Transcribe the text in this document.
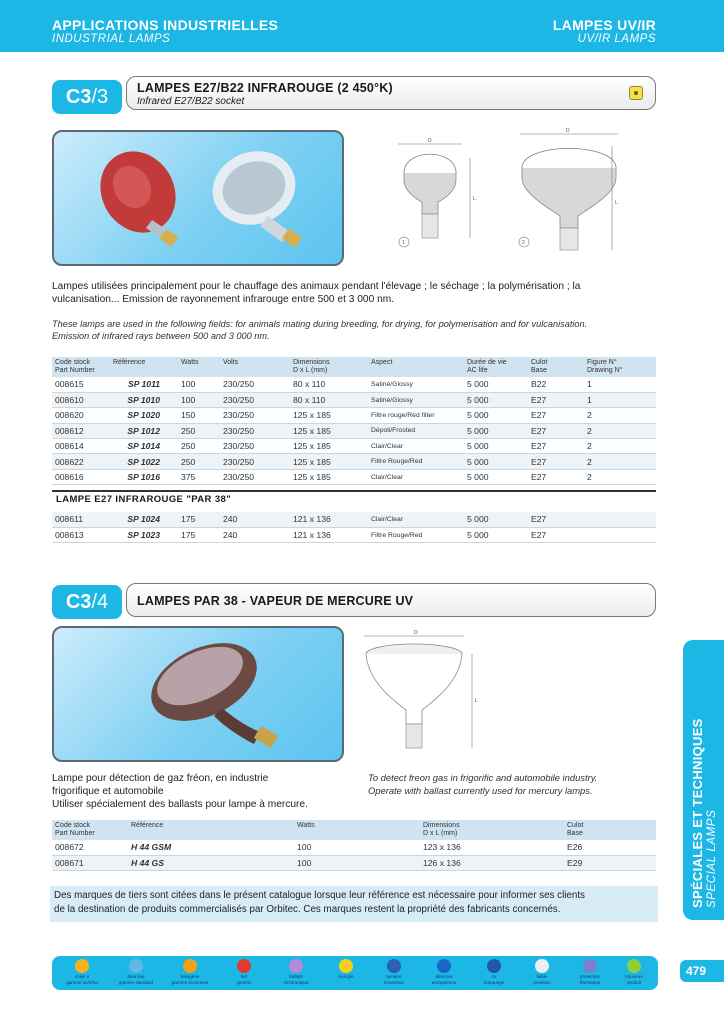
APPLICATIONS INDUSTRIELLES
INDUSTRIAL LAMPS
LAMPES UV/IR
UV/IR LAMPS
C3 /3 LAMPES E27/B22 INFRAROUGE (2 450°K)
Infrared E27/B22 socket
D
L
1
D
L
2
Lampes utilisées principalement pour le chauffage des animaux pendant l'élevage ; le séchage ; la polymérisation ; la
vulcanisation... Emission de rayonnement infrarouge entre 500 et 3 000 nm.
These lamps are used in the following fields: for animals mating during breeding, for drying, for polymerisation and for vulcanisation.
Emission of infrared rays between 500 and 3 000 nm.
Code stock
Part Number	Référence	Watts	Volts	Dimensions
D x L (mm)	Aspect	Durée de vie
AC life	Culot
Base	Figure N°
Drawing N°
008615	SP 1011	100	230/250	80 x 110	Satiné/Glossy	5 000	B22	1
008610	SP 1010	100	230/250	80 x 110	Satiné/Glossy	5 000	E27	1
008620	SP 1020	150	230/250	125 x 185	Filtre rouge/Red filter	5 000	E27	2
008612	SP 1012	250	230/250	125 x 185	Dépoli/Frosted	5 000	E27	2
008614	SP 1014	250	230/250	125 x 185	Clair/Clear	5 000	E27	2
008622	SP 1022	250	230/250	125 x 185	Filtre Rouge/Red	5 000	E27	2
008616	SP 1016	375	230/250	125 x 185	Clair/Clear	5 000	E27	2
LAMPE E27 INFRAROUGE "PAR 38"
008611	SP 1024	175	240	121 x 136	Clair/Clear	5 000	E27	
008613	SP 1023	175	240	121 x 136	Filtre Rouge/Red	5 000	E27	
C3 /4 LAMPES PAR 38 - VAPEUR DE MERCURE UV
D
L
Lampe pour détection de gaz fréon, en industrie
frigorifique et automobile
Utiliser spécialement des ballasts pour lampe à mercure.
To detect freon gas in frigorific and automobile industry.
Operate with ballast currently used for mercury lamps.
Code stock
Part Number	Référence	Watts	Dimensions
D x L (mm)	Culot
Base
008672	H 44 GSM	100	123 x 136	E26
008671	H 44 GS	100	126 x 136	E29	SPÉCIALES ET TECHNIQUES SPECIAL LAMPS
Des marques de tiers sont citées dans le présent catalogue lorsque leur référence est nécessaire pour informer ses clients
de la destination de produits commercialisés par Orbitec. Ces marques restent la propriété des fabricants concernés.
soleil ir
gamme uv/infra
blue line
gamme standard
halogène
gamme économie
led
gamme
ballast
électronique
énergie	lumière
économie
directive
européenne
ce
marquage
faible
pression
protection
thermique
nouveau
produit
479
